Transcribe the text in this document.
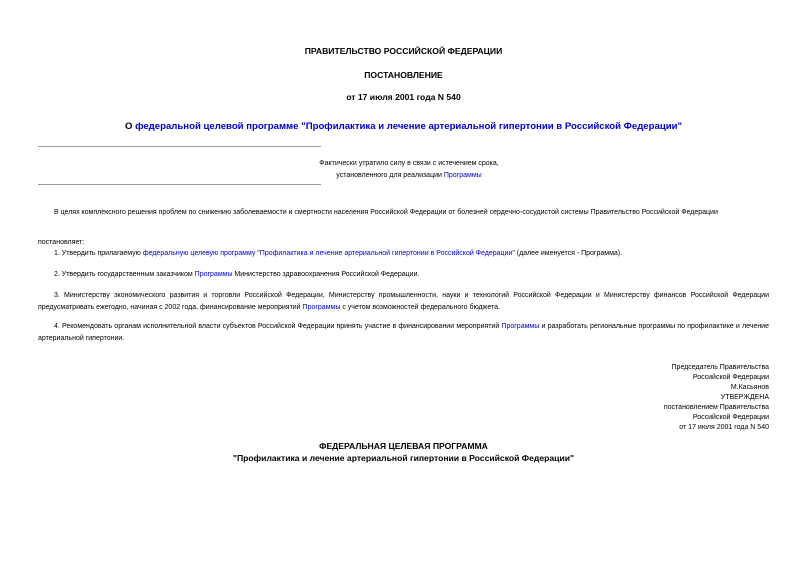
ПРАВИТЕЛЬСТВО РОССИЙСКОЙ ФЕДЕРАЦИИ
ПОСТАНОВЛЕНИЕ
от 17 июля 2001 года N 540
О федеральной целевой программе "Профилактика и лечение артериальной гипертонии в Российской Федерации"
Фактически утратило силу в связи с истечением срока,
установленного для реализации Программы
В целях комплексного решения проблем по снижению заболеваемости и смертности населения Российской Федерации от болезней сердечно-сосудистой системы Правительство Российской Федерации
постановляет:
1. Утвердить прилагаемую федеральную целевую программу "Профилактика и лечение артериальной гипертонии в Российской Федерации" (далее именуется - Программа).
2. Утвердить государственным заказчиком Программы Министерство здравоохранения Российской Федерации.
3. Министерству экономического развития и торговли Российской Федерации, Министерству промышленности, науки и технологий Российской Федерации и Министерству финансов Российской Федерации предусматривать ежегодно, начиная с 2002 года, финансирование мероприятий Программы с учетом возможностей федерального бюджета.
4. Рекомендовать органам исполнительной власти субъектов Российской Федерации принять участие в финансировании мероприятий Программы и разработать региональные программы по профилактике и лечение артериальной гипертонии.
Председатель Правительства
Российской Федерации
М.Касьянов
УТВЕРЖДЕНА
постановлением Правительства
Российской Федерации
от 17 июля 2001 года N 540
ФЕДЕРАЛЬНАЯ ЦЕЛЕВАЯ ПРОГРАММА
"Профилактика и лечение артериальной гипертонии в Российской Федерации"
